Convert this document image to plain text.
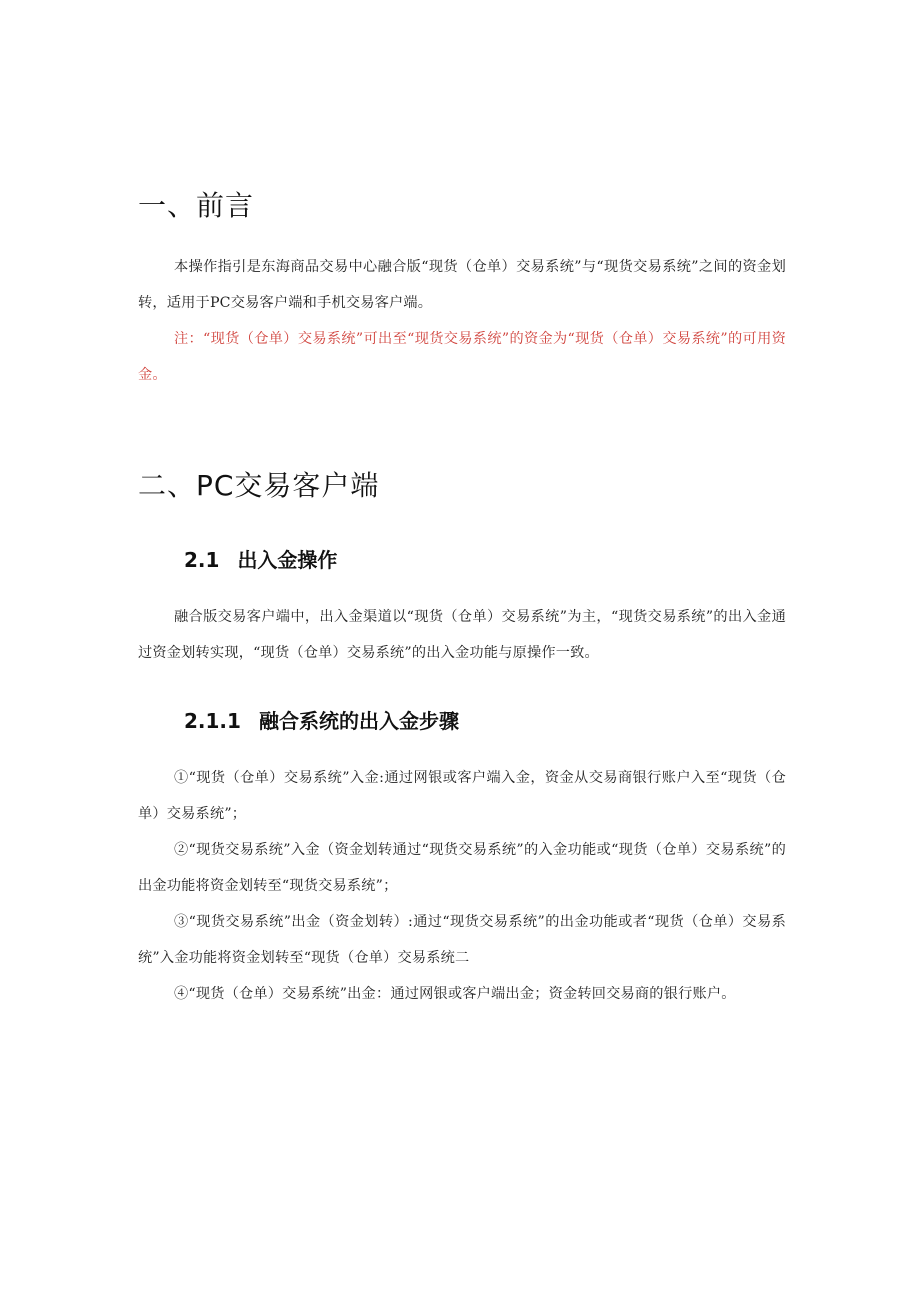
一、前言

本操作指引是东海商品交易中心融合版“现货（仓单）交易系统”与“现货交易系统”之间的资金划转，适用于PC交易客户端和手机交易客户端。

注：“现货（仓单）交易系统”可出至“现货交易系统”的资金为“现货（仓单）交易系统”的可用资金。

二、PC交易客户端
2.1 出入金操作

融合版交易客户端中，出入金渠道以“现货（仓单）交易系统”为主，“现货交易系统”的出入金通过资金划转实现，“现货（仓单）交易系统”的出入金功能与原操作一致。

2.1.1 融合系统的出入金步骤

①“现货（仓单）交易系统”入金:通过网银或客户端入金，资金从交易商银行账户入至“现货（仓单）交易系统”；

②“现货交易系统”入金（资金划转通过“现货交易系统”的入金功能或“现货（仓单）交易系统”的出金功能将资金划转至“现货交易系统”；

③“现货交易系统”出金（资金划转）:通过“现货交易系统”的出金功能或者“现货（仓单）交易系统”入金功能将资金划转至“现货（仓单）交易系统二

④“现货（仓单）交易系统”出金：通过网银或客户端出金；资金转回交易商的银行账户。
